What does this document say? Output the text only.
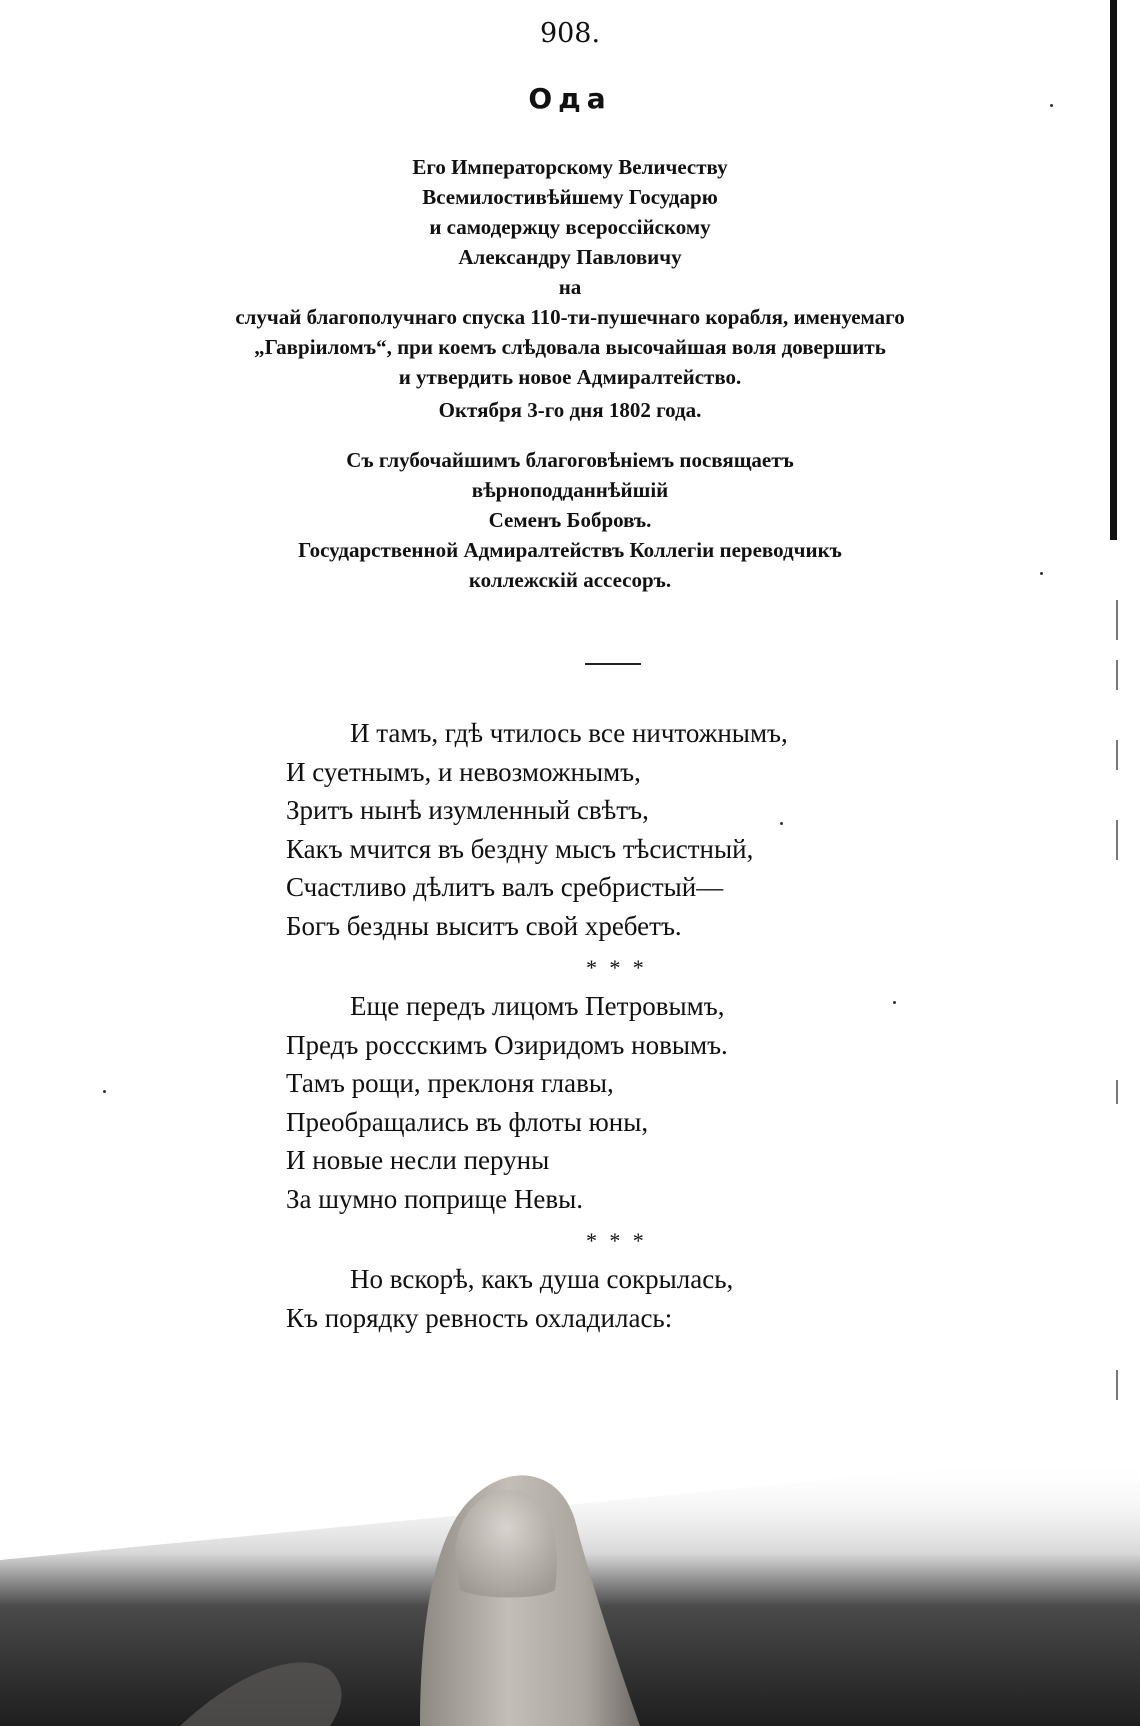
908.
Ода
Его Императорскому Величеству
Всемилостивѣйшему Государю
и самодержцу всероссійскому
Александру Павловичу
на
случай благополучнаго спуска 110-ти-пушечнаго корабля, именуемаго
„Гавріиломъ“, при коемъ слѣдовала высочайшая воля довершить
и утвердить новое Адмиралтейство.
Октября 3-го дня 1802 года.
Съ глубочайшимъ благоговѣніемъ посвящаетъ
вѣрноподданнѣйшій
Семенъ Бобровъ.
Государственной Адмиралтействъ Коллегіи переводчикъ
коллежскій ассесоръ.
И тамъ, гдѣ чтилось все ничтожнымъ,
И суетнымъ, и невозможнымъ,
Зритъ нынѣ изумленный свѣтъ,
Какъ мчится въ бездну мысъ тѣсистный,
Счастливо дѣлитъ валъ сребристый—
Богъ бездны выситъ свой хребетъ.
* * *
Еще передъ лицомъ Петровымъ,
Предъ россскимъ Озиридомъ новымъ.
Тамъ рощи, преклоня главы,
Преобращались въ флоты юны,
И новые несли перуны
За шумно поприще Невы.
* * *
Но вскорѣ, какъ душа сокрылась,
Къ порядку ревность охладилась:
